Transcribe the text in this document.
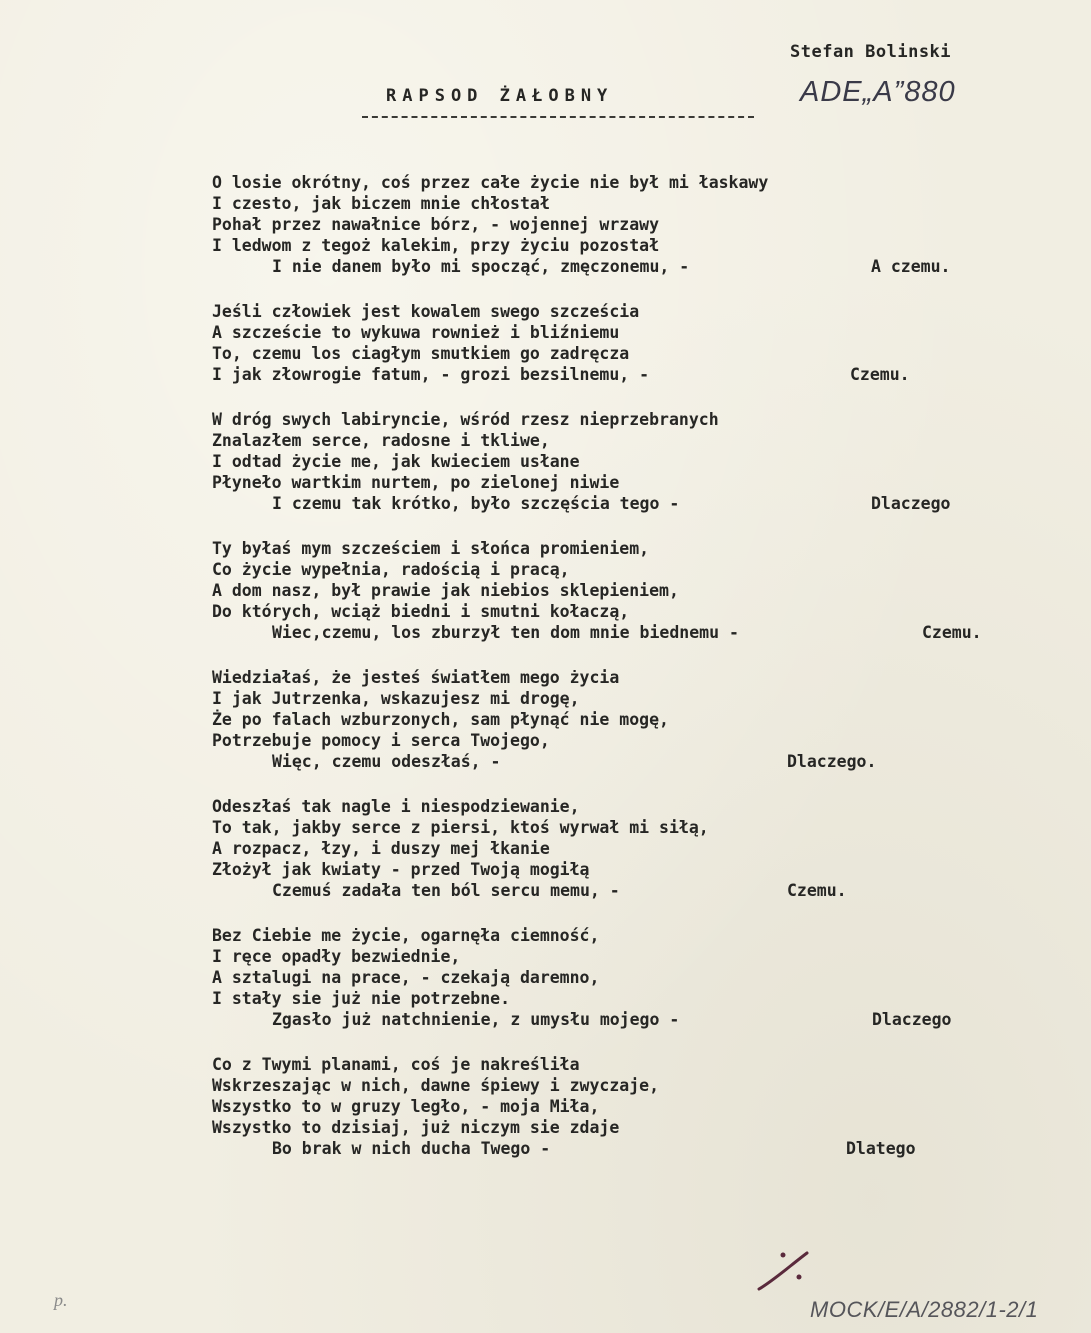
Stefan Bolinski
ADE„A”880
RAPSOD ŻAŁOBNY
O losie okrótny, coś przez całe życie nie był mi łaskawy
I czesto, jak biczem mnie chłostał
Pohał przez nawałnice bórz, - wojennej wrzawy
I ledwom z tegoż kalekim, przy życiu pozostał
I nie danem było mi spocząć, zmęczonemu, -	A czemu.
Jeśli człowiek jest kowalem swego szcześcia
A szczeście to wykuwa rownież i bliźniemu
To, czemu los ciagłym smutkiem go zadręcza
I jak złowrogie fatum, - grozi bezsilnemu, -	Czemu.
W dróg swych labiryncie, wśród rzesz nieprzebranych
Znalazłem serce, radosne i tkliwe,
I odtad życie me, jak kwieciem usłane
Płyneło wartkim nurtem, po zielonej niwie
I czemu tak krótko, było szczęścia tego -	Dlaczego
Ty byłaś mym szcześciem i słońca promieniem,
Co życie wypełnia, radością i pracą,
A dom nasz, był prawie jak niebios sklepieniem,
Do których, wciąż biedni i smutni kołaczą,
Wiec,czemu, los zburzył ten dom mnie biednemu -	Czemu.
Wiedziałaś, że jesteś światłem mego życia
I jak Jutrzenka, wskazujesz mi drogę,
Że po falach wzburzonych, sam płynąć nie mogę,
Potrzebuje pomocy i serca Twojego,
Więc, czemu odeszłaś, -	Dlaczego.
Odeszłaś tak nagle i niespodziewanie,
To tak, jakby serce z piersi, ktoś wyrwał mi siłą,
A rozpacz, łzy, i duszy mej łkanie
Złożył jak kwiaty - przed Twoją mogiłą
Czemuś zadała ten ból sercu memu, -	Czemu.
Bez Ciebie me życie, ogarnęła ciemność,
I ręce opadły bezwiednie,
A sztalugi na prace, - czekają daremno,
I stały sie już nie potrzebne.
Zgasło już natchnienie, z umysłu mojego -	Dlaczego
Co z Twymi planami, coś je nakreśliła
Wskrzeszając w nich, dawne śpiewy i zwyczaje,
Wszystko to w gruzy legło, - moja Miła,
Wszystko to dzisiaj, już niczym sie zdaje
Bo brak w nich ducha Twego -	Dlatego
p.	MOCK/E/A/2882/1-2/1
